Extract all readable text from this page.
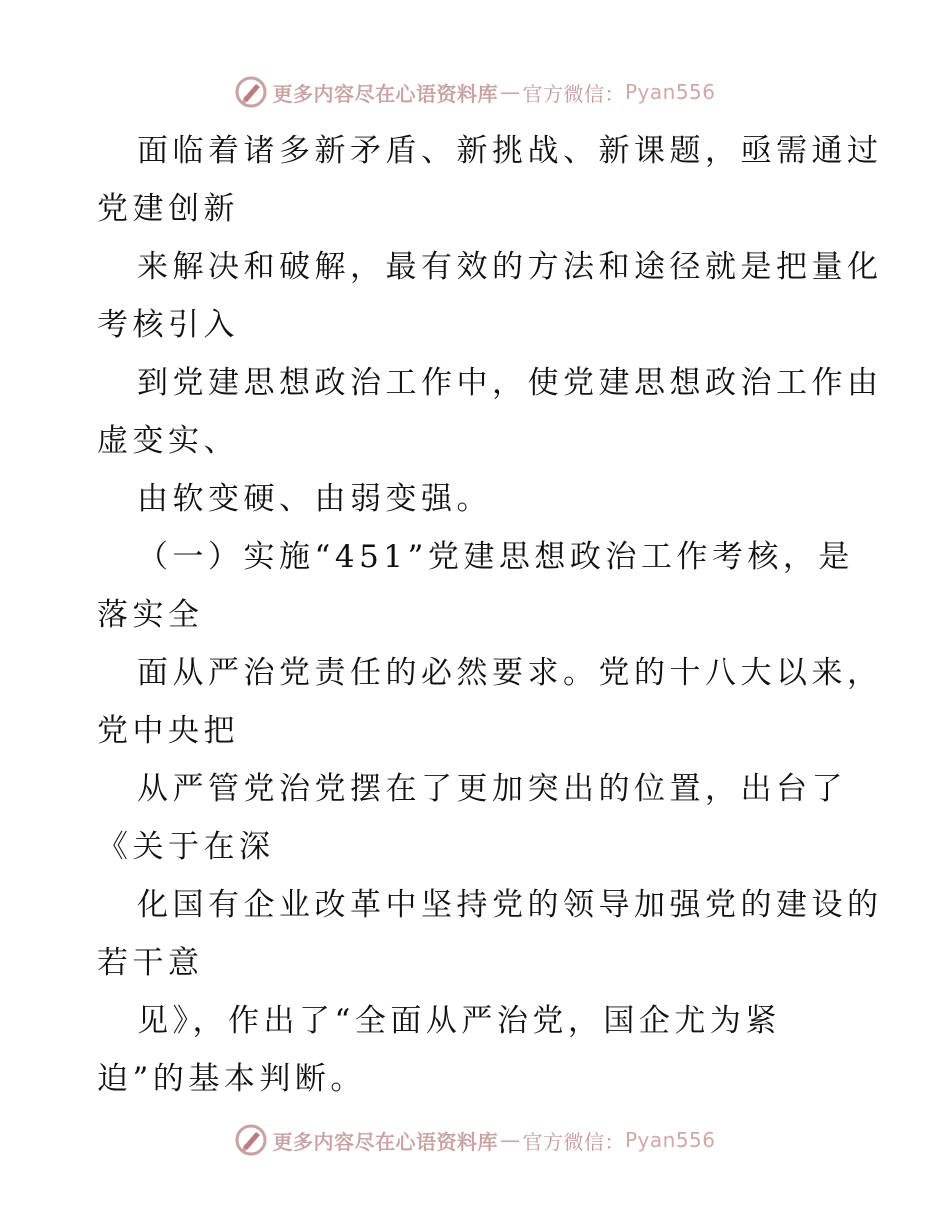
更多内容尽在心语资料库 — 官方微信： Pyan556

面临着诸多新矛盾、新挑战、新课题，亟需通过
党建创新

来解决和破解，最有效的方法和途径就是把量化
考核引入

到党建思想政治工作中，使党建思想政治工作由
虚变实、

由软变硬、由弱变强。

（一）实施“451”党建思想政治工作考核，是
落实全

面从严治党责任的必然要求。党的十八大以来，
党中央把

从严管党治党摆在了更加突出的位置，出台了
《关于在深

化国有企业改革中坚持党的领导加强党的建设的
若干意

见》，作出了“全面从严治党，国企尤为紧
迫”的基本判断。

更多内容尽在心语资料库 — 官方微信： Pyan556
